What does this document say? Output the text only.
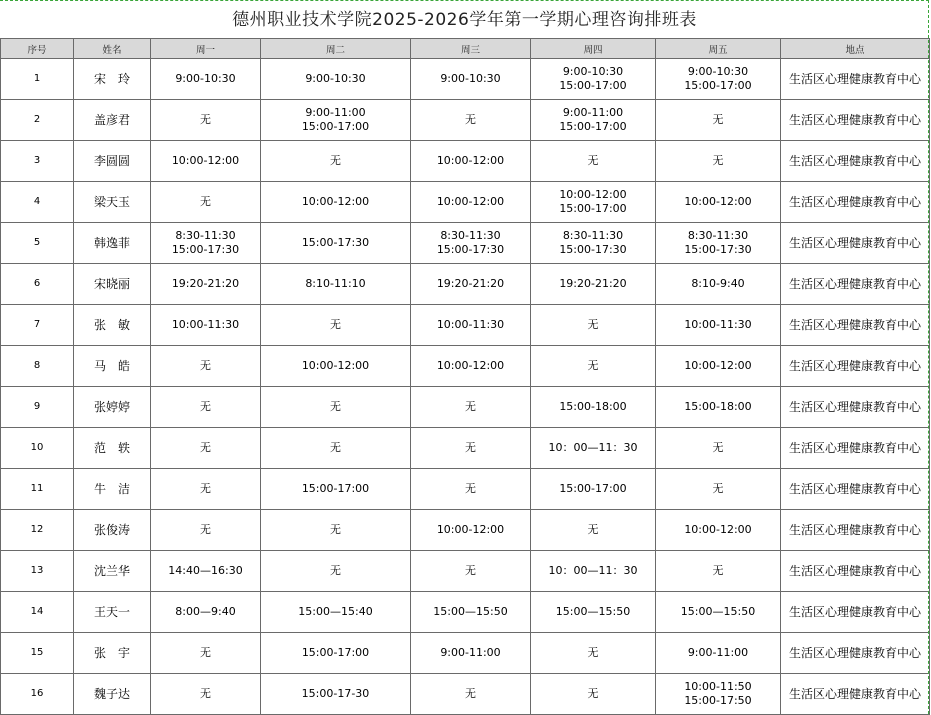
德州职业技术学院2025-2026学年第一学期心理咨询排班表
序号	姓名	周一	周二	周三	周四	周五	地点
1	宋　玲	9:00-10:30	9:00-10:30	9:00-10:30	9:00-10:30
15:00-17:00	9:00-10:30
15:00-17:00	生活区心理健康教育中心
2	盖彦君	无	9:00-11:00
15:00-17:00	无	9:00-11:00
15:00-17:00	无	生活区心理健康教育中心
3	李圆圆	10:00-12:00	无	10:00-12:00	无	无	生活区心理健康教育中心
4	梁天玉	无	10:00-12:00	10:00-12:00	10:00-12:00
15:00-17:00	10:00-12:00	生活区心理健康教育中心
5	韩逸菲	8:30-11:30
15:00-17:30	15:00-17:30	8:30-11:30
15:00-17:30	8:30-11:30
15:00-17:30	8:30-11:30
15:00-17:30	生活区心理健康教育中心
6	宋晓丽	19:20-21:20	8:10-11:10	19:20-21:20	19:20-21:20	8:10-9:40	生活区心理健康教育中心
7	张　敏	10:00-11:30	无	10:00-11:30	无	10:00-11:30	生活区心理健康教育中心
8	马　皓	无	10:00-12:00	10:00-12:00	无	10:00-12:00	生活区心理健康教育中心
9	张婷婷	无	无	无	15:00-18:00	15:00-18:00	生活区心理健康教育中心
10	范　轶	无	无	无	10：00—11：30	无	生活区心理健康教育中心
11	牛　洁	无	15:00-17:00	无	15:00-17:00	无	生活区心理健康教育中心
12	张俊涛	无	无	10:00-12:00	无	10:00-12:00	生活区心理健康教育中心
13	沈兰华	14:40—16:30	无	无	10：00—11：30	无	生活区心理健康教育中心
14	王天一	8:00—9:40	15:00—15:40	15:00—15:50	15:00—15:50	15:00—15:50	生活区心理健康教育中心
15	张　宇	无	15:00-17:00	9:00-11:00	无	9:00-11:00	生活区心理健康教育中心
16	魏子达	无	15:00-17-30	无	无	10:00-11:50
15:00-17:50	生活区心理健康教育中心
